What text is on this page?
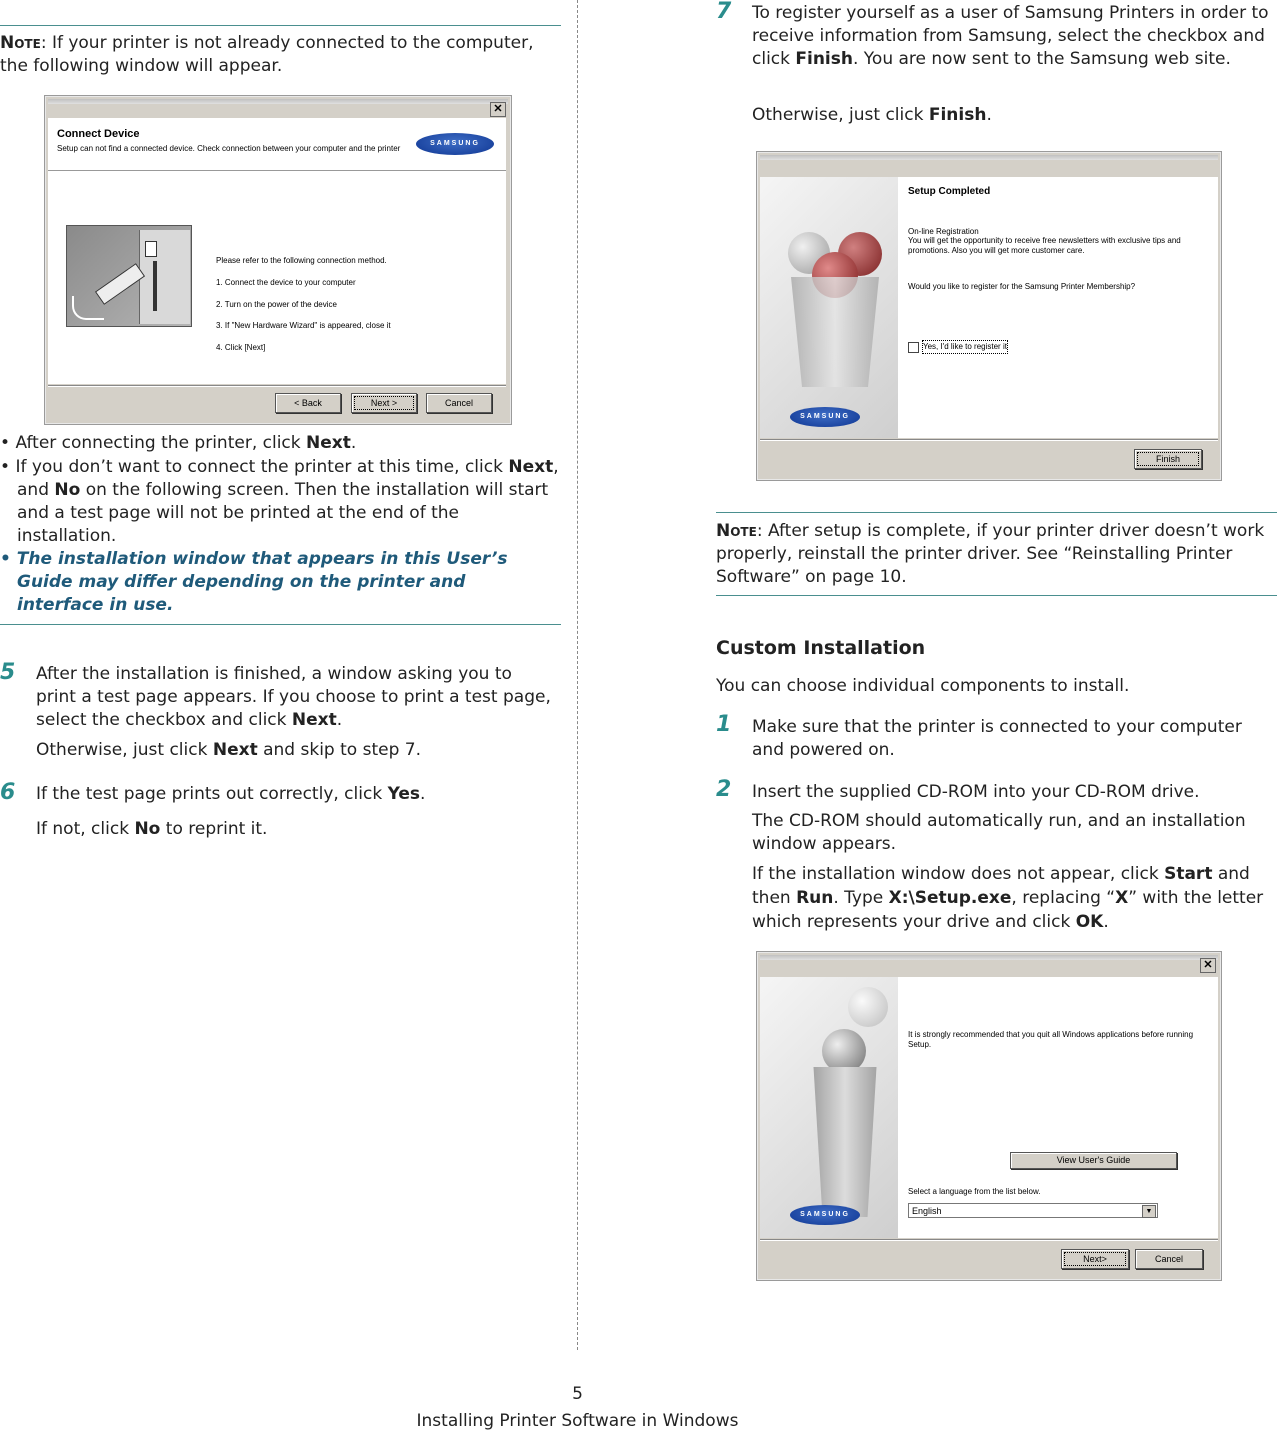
Note: If your printer is not already connected to the computer, the following window will appear.
✕
Connect Device
Setup can not find a connected device. Check connection between your computer and the printer
SAMSUNG
Please refer to the following connection method.
1. Connect the device to your computer
2. Turn on the power of the device
3. If "New Hardware Wizard" is appeared, close it
4. Click [Next]
< Back	Next >	Cancel
• After connecting the printer, click Next.
• If you don’t want to connect the printer at this time, click Next, and No on the following screen. Then the installation will start and a test page will not be printed at the end of the installation.
• The installation window that appears in this User’s Guide may differ depending on the printer and interface in use.
5 After the installation is finished, a window asking you to print a test page appears. If you choose to print a test page, select the checkbox and click Next.
Otherwise, just click Next and skip to step 7.
6 If the test page prints out correctly, click Yes.
If not, click No to reprint it.
7 To register yourself as a user of Samsung Printers in order to receive information from Samsung, select the checkbox and click Finish. You are now sent to the Samsung web site.
Otherwise, just click Finish.
SAMSUNG
Setup Completed
On-line Registration
You will get the opportunity to receive free newsletters with exclusive tips and promotions. Also you will get more customer care.
Would you like to register for the Samsung Printer Membership?
Yes, I'd like to register it
Finish
Note: After setup is complete, if your printer driver doesn’t work properly, reinstall the printer driver. See “Reinstalling Printer Software” on page 10.
Custom Installation
You can choose individual components to install.
1 Make sure that the printer is connected to your computer and powered on.
2 Insert the supplied CD-ROM into your CD-ROM drive.
The CD-ROM should automatically run, and an installation window appears.
If the installation window does not appear, click Start and then Run. Type X:\Setup.exe, replacing “X” with the letter which represents your drive and click OK.
✕
SAMSUNG
It is strongly recommended that you quit all Windows applications before running Setup.
View User's Guide
Select a language from the list below.
English	▼
Next>	Cancel
5
Installing Printer Software in Windows
